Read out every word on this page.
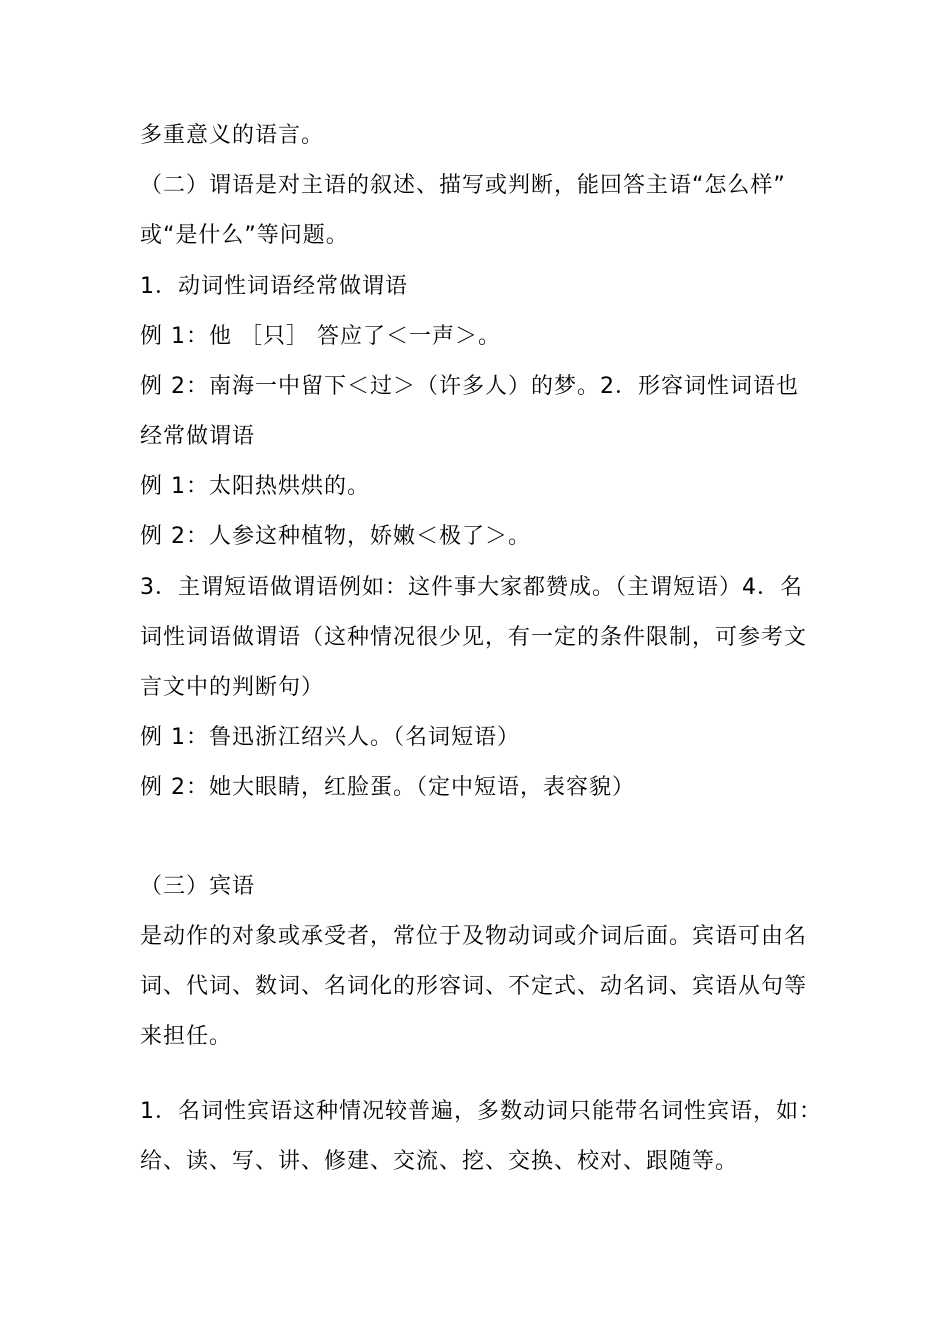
多重意义的语言。
（二）谓语是对主语的叙述、描写或判断，能回答主语“怎么样”
或“是什么”等问题。
1．动词性词语经常做谓语
例 1：他 ［只］ 答应了＜一声＞。
例 2：南海一中留下＜过＞（许多人）的梦。2．形容词性词语也
经常做谓语
例 1：太阳热烘烘的。
例 2：人参这种植物，娇嫩＜极了＞。
3．主谓短语做谓语例如：这件事大家都赞成。（主谓短语）4．名
词性词语做谓语（这种情况很少见，有一定的条件限制，可参考文
言文中的判断句）
例 1：鲁迅浙江绍兴人。（名词短语）
例 2：她大眼睛，红脸蛋。（定中短语，表容貌）
（三）宾语
是动作的对象或承受者，常位于及物动词或介词后面。宾语可由名
词、代词、数词、名词化的形容词、不定式、动名词、宾语从句等
来担任。
1．名词性宾语这种情况较普遍，多数动词只能带名词性宾语，如：
给、读、写、讲、修建、交流、挖、交换、校对、跟随等。
